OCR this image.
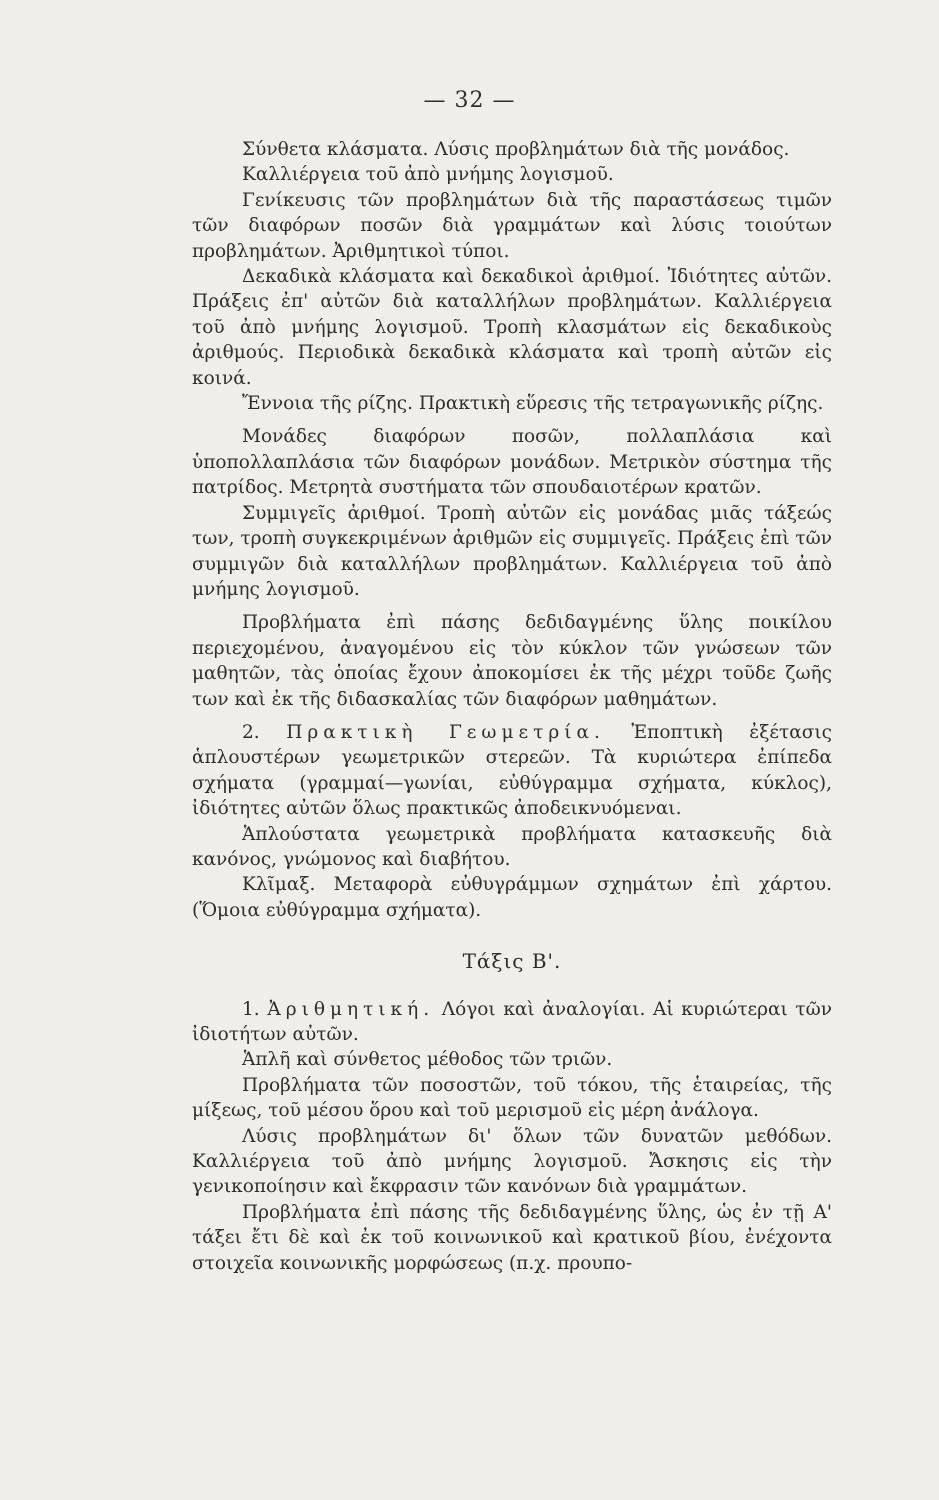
— 32 —

Σύνθετα κλάσματα. Λύσις προβλημάτων διὰ τῆς μονάδος.

Καλλιέργεια τοῦ ἀπὸ μνήμης λογισμοῦ.

Γενίκευσις τῶν προβλημάτων διὰ τῆς παραστάσεως τιμῶν τῶν διαφόρων ποσῶν διὰ γραμμάτων καὶ λύσις τοιούτων προβλημάτων. Ἀριθμητικοὶ τύποι.

Δεκαδικὰ κλάσματα καὶ δεκαδικοὶ ἀριθμοί. Ἰδιότητες αὐτῶν. Πράξεις ἐπ' αὐτῶν διὰ καταλλήλων προβλημάτων. Καλλιέργεια τοῦ ἀπὸ μνήμης λογισμοῦ. Τροπὴ κλασμάτων εἰς δεκαδικοὺς ἀριθμούς. Περιοδικὰ δεκαδικὰ κλάσματα καὶ τροπὴ αὐτῶν εἰς κοινά.

Ἔννοια τῆς ρίζης. Πρακτικὴ εὕρεσις τῆς τετραγωνικῆς ρίζης.

Μονάδες διαφόρων ποσῶν, πολλαπλάσια καὶ ὑποπολλαπλάσια τῶν διαφόρων μονάδων. Μετρικὸν σύστημα τῆς πατρίδος. Μετρητὰ συστήματα τῶν σπουδαιοτέρων κρατῶν.

Συμμιγεῖς ἀριθμοί. Τροπὴ αὐτῶν εἰς μονάδας μιᾶς τάξεώς των, τροπὴ συγκεκριμένων ἀριθμῶν εἰς συμμιγεῖς. Πράξεις ἐπὶ τῶν συμμιγῶν διὰ καταλλήλων προβλημάτων. Καλλιέργεια τοῦ ἀπὸ μνήμης λογισμοῦ.

Προβλήματα ἐπὶ πάσης δεδιδαγμένης ὕλης ποικίλου περιεχομένου, ἀναγομένου εἰς τὸν κύκλον τῶν γνώσεων τῶν μαθητῶν, τὰς ὁποίας ἔχουν ἀποκομίσει ἐκ τῆς μέχρι τοῦδε ζωῆς των καὶ ἐκ τῆς διδασκαλίας τῶν διαφόρων μαθημάτων.

2. Πρακτικὴ Γεωμετρία. Ἐποπτικὴ ἐξέτασις ἁπλουστέρων γεωμετρικῶν στερεῶν. Τὰ κυριώτερα ἐπίπεδα σχήματα (γραμμαί—γωνίαι, εὐθύγραμμα σχήματα, κύκλος), ἰδιότητες αὐτῶν ὅλως πρακτικῶς ἀποδεικνυόμεναι.

Ἁπλούστατα γεωμετρικὰ προβλήματα κατασκευῆς διὰ κανόνος, γνώμονος καὶ διαβήτου.

Κλῖμαξ. Μεταφορὰ εὐθυγράμμων σχημάτων ἐπὶ χάρτου. (Ὅμοια εὐθύγραμμα σχήματα).

Τάξις Β'.

1. Ἀριθμητική. Λόγοι καὶ ἀναλογίαι. Αἱ κυριώτεραι τῶν ἰδιοτήτων αὐτῶν.

Ἁπλῆ καὶ σύνθετος μέθοδος τῶν τριῶν.

Προβλήματα τῶν ποσοστῶν, τοῦ τόκου, τῆς ἑταιρείας, τῆς μίξεως, τοῦ μέσου ὅρου καὶ τοῦ μερισμοῦ εἰς μέρη ἀνάλογα.

Λύσις προβλημάτων δι' ὅλων τῶν δυνατῶν μεθόδων. Καλλιέργεια τοῦ ἀπὸ μνήμης λογισμοῦ. Ἄσκησις εἰς τὴν γενικοποίησιν καὶ ἔκφρασιν τῶν κανόνων διὰ γραμμάτων.

Προβλήματα ἐπὶ πάσης τῆς δεδιδαγμένης ὕλης, ὡς ἐν τῇ Α' τάξει ἔτι δὲ καὶ ἐκ τοῦ κοινωνικοῦ καὶ κρατικοῦ βίου, ἐνέχοντα στοιχεῖα κοινωνικῆς μορφώσεως (π.χ. προυπο-
